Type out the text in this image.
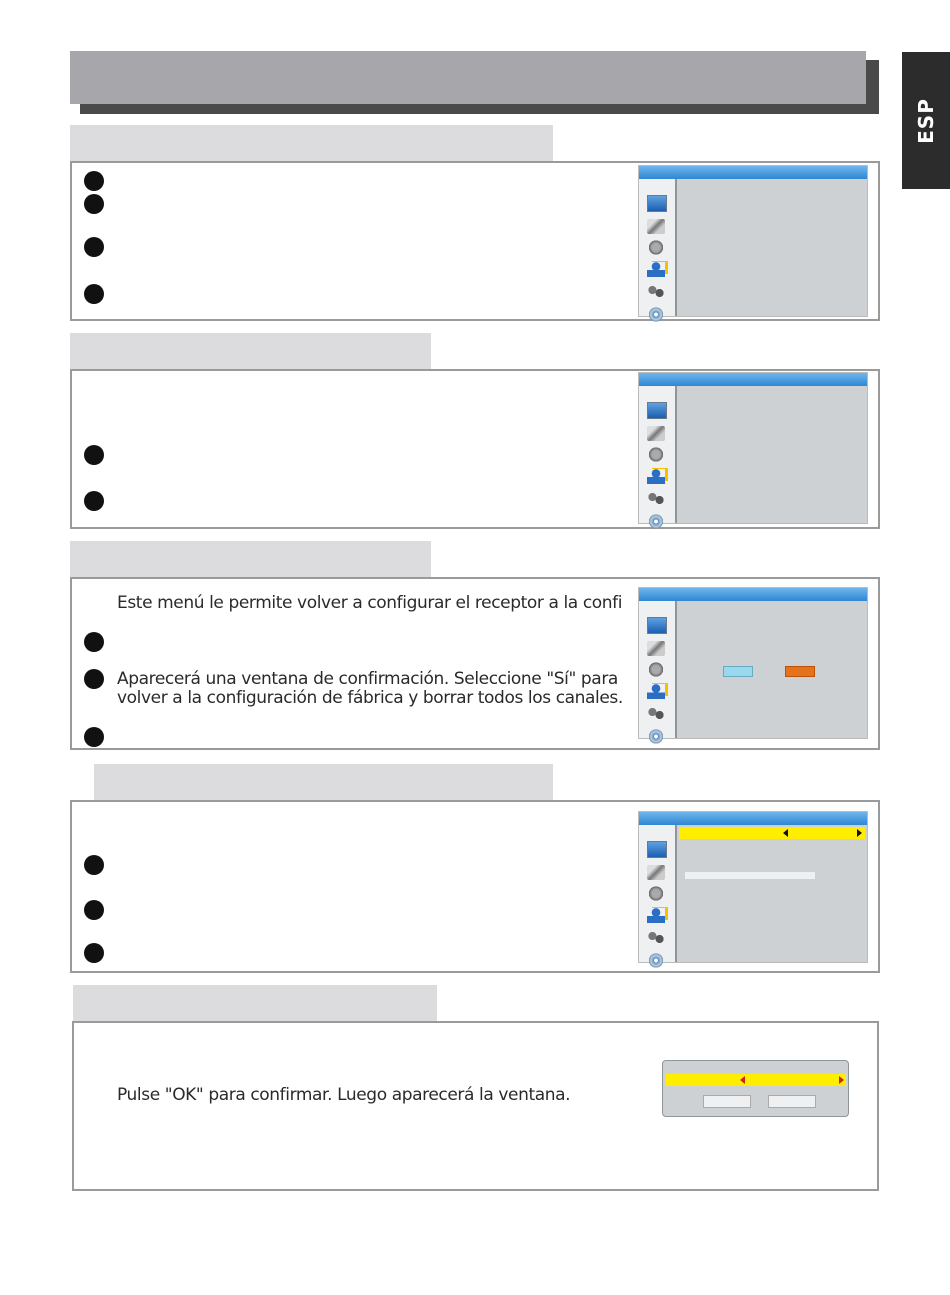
ESP
Este menú le permite volver a configurar el receptor a la confi
Aparecerá una ventana de confirmación. Seleccione "Sí" para
volver a la configuración de fábrica y borrar todos los canales.
Pulse "OK" para confirmar. Luego aparecerá la ventana.
